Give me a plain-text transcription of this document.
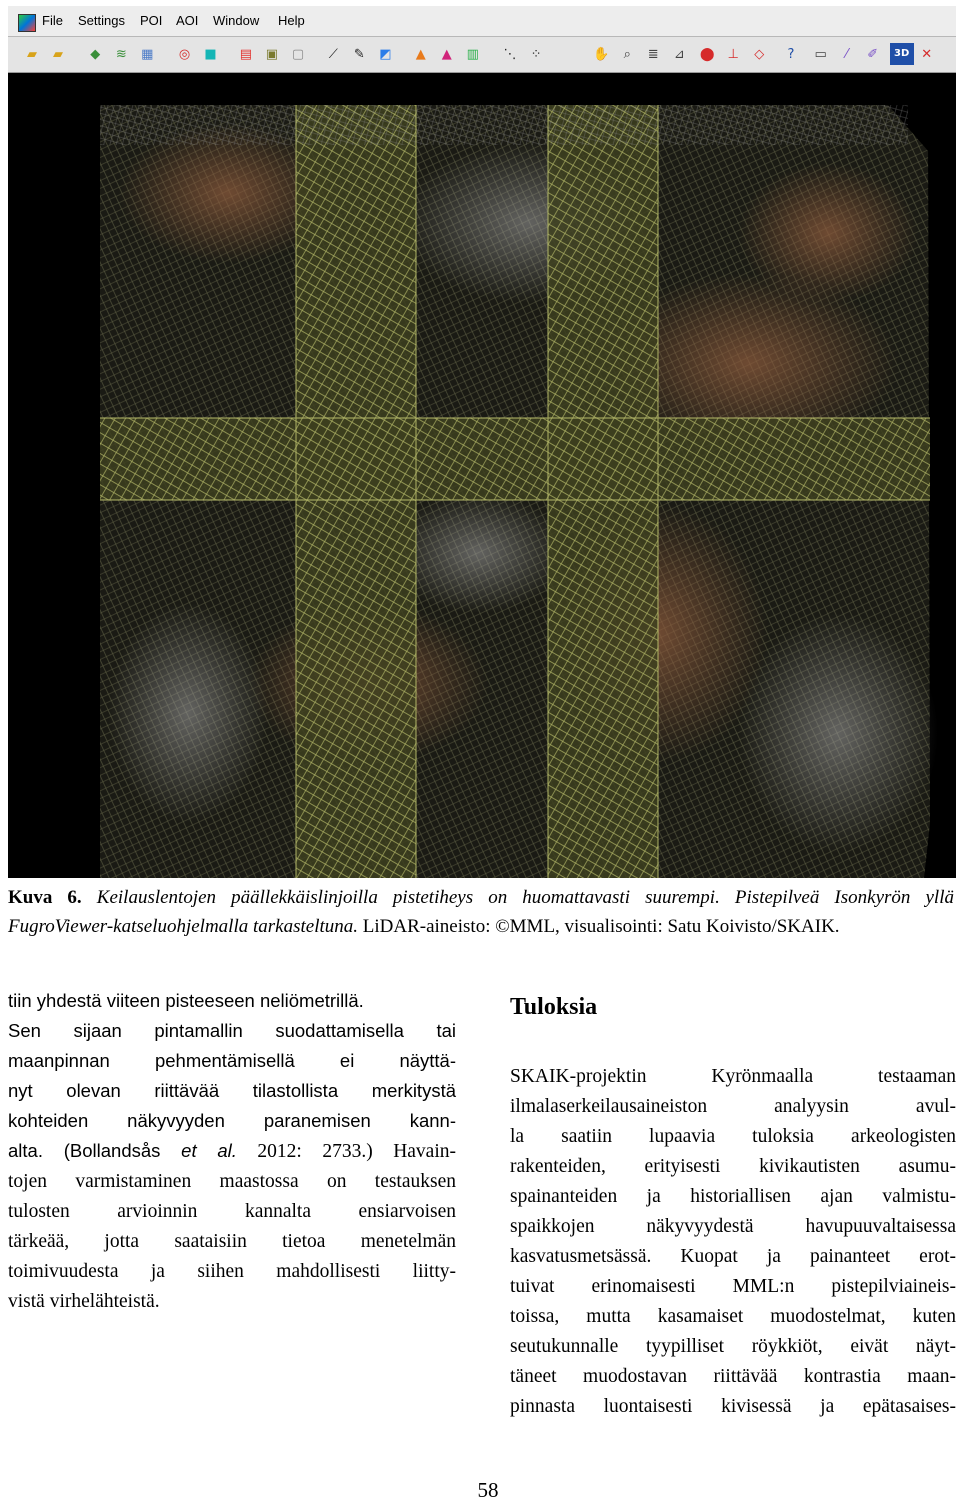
File Settings POI AOI Window Help
▰	▰	◆	≋	▦	◎	■	▤	▣	▢	⟋	✎	◩	▲	▲	▥	⋱	⁘	✋	⌕	≣	⊿	⬤	⊥	◇	?	▭	⁄	✐	3D ✕
Kuva 6. Keilauslentojen päällekkäislinjoilla pistetiheys on huomattavasti suurempi. Pistepilveä Isonkyrön yllä FugroViewer-katseluohjelmalla tarkasteltuna. LiDAR-aineisto: ©MML, visualisointi: Satu Koivisto/SKAIK.

tiin yhdestä viiteen pisteeseen neliömetrillä.
Sen sijaan pintamallin suodattamisella tai
maanpinnan pehmentämisellä ei näyttä-
nyt olevan riittävää tilastollista merkitystä
kohteiden näkyvyyden paranemisen kann-
alta. (Bollandsås et al. 2012: 2733.) Havain-
tojen varmistaminen maastossa on testauksen
tulosten arvioinnin kannalta ensiarvoisen
tärkeää, jotta saataisiin tietoa menetelmän
toimivuudesta ja siihen mahdollisesti liitty-
vistä virhelähteistä.

Tuloksia
SKAIK-projektin Kyrönmaalla testaaman
ilmalaserkeilausaineiston analyysin avul-
la saatiin lupaavia tuloksia arkeologisten
rakenteiden, erityisesti kivikautisten asumu-
spainanteiden ja historiallisen ajan valmistu-
spaikkojen näkyvyydestä havupuuvaltaisessa
kasvatusmetsässä. Kuopat ja painanteet erot-
tuivat erinomaisesti MML:n pistepilviaineis-
toissa, mutta kasamaiset muodostelmat, kuten
seutukunnalle tyypilliset röykkiöt, eivät näyt-
täneet muodostavan riittävää kontrastia maan-
pinnasta luontaisesti kivisessä ja epätasaises-
58
